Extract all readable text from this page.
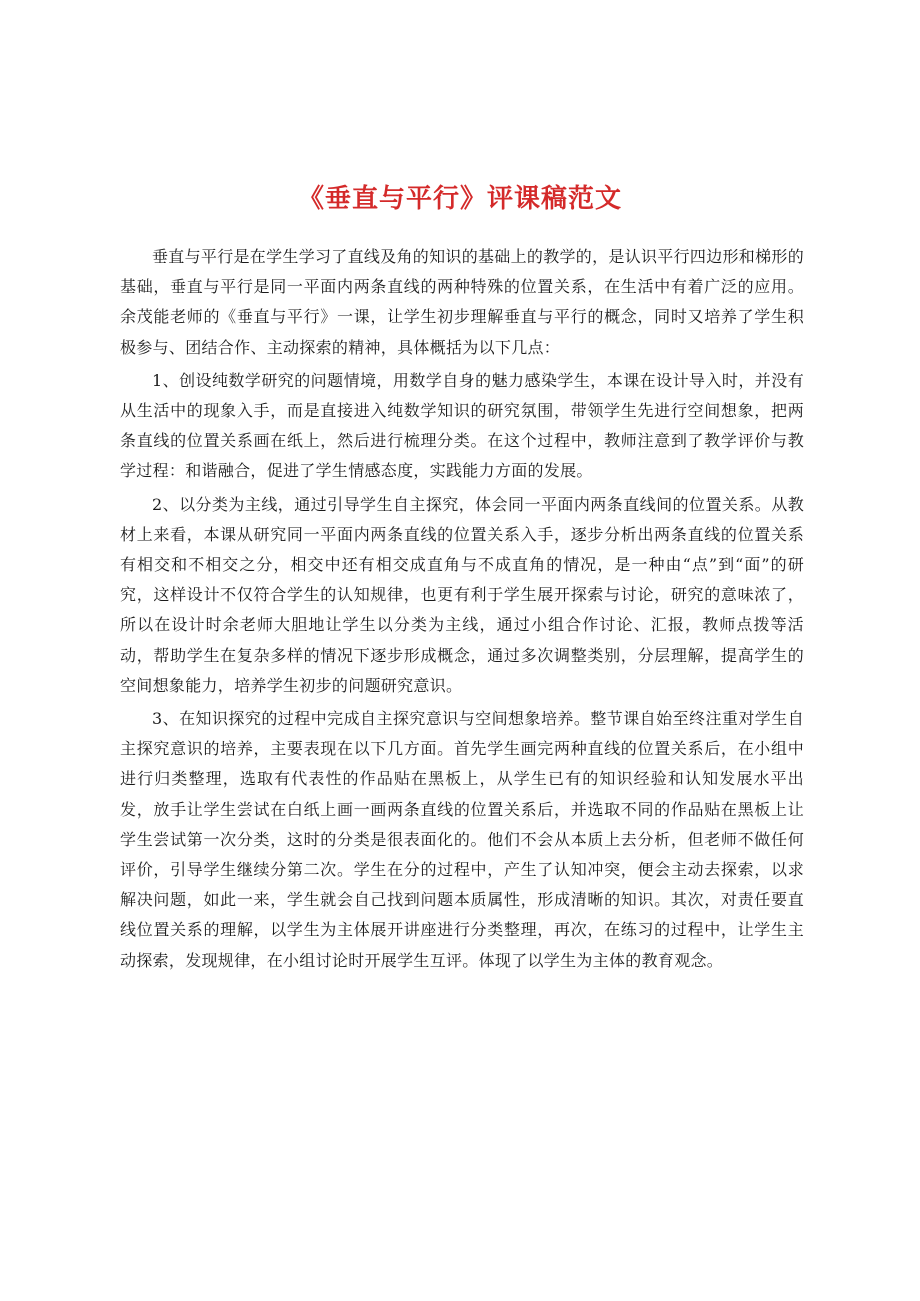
《垂直与平行》评课稿范文

垂直与平行是在学生学习了直线及角的知识的基础上的教学的，是认识平行四边形和梯形的基础，垂直与平行是同一平面内两条直线的两种特殊的位置关系，在生活中有着广泛的应用。余茂能老师的《垂直与平行》一课，让学生初步理解垂直与平行的概念，同时又培养了学生积极参与、团结合作、主动探索的精神，具体概括为以下几点：

1、创设纯数学研究的问题情境，用数学自身的魅力感染学生，本课在设计导入时，并没有从生活中的现象入手，而是直接进入纯数学知识的研究氛围，带领学生先进行空间想象，把两条直线的位置关系画在纸上，然后进行梳理分类。在这个过程中，教师注意到了教学评价与教学过程：和谐融合，促进了学生情感态度，实践能力方面的发展。

2、以分类为主线，通过引导学生自主探究，体会同一平面内两条直线间的位置关系。从教材上来看，本课从研究同一平面内两条直线的位置关系入手，逐步分析出两条直线的位置关系有相交和不相交之分，相交中还有相交成直角与不成直角的情况，是一种由“点”到“面”的研究，这样设计不仅符合学生的认知规律，也更有利于学生展开探索与讨论，研究的意味浓了，所以在设计时余老师大胆地让学生以分类为主线，通过小组合作讨论、汇报，教师点拨等活动，帮助学生在复杂多样的情况下逐步形成概念，通过多次调整类别，分层理解，提高学生的空间想象能力，培养学生初步的问题研究意识。

3、在知识探究的过程中完成自主探究意识与空间想象培养。整节课自始至终注重对学生自主探究意识的培养，主要表现在以下几方面。首先学生画完两种直线的位置关系后，在小组中进行归类整理，选取有代表性的作品贴在黑板上，从学生已有的知识经验和认知发展水平出发，放手让学生尝试在白纸上画一画两条直线的位置关系后，并选取不同的作品贴在黑板上让学生尝试第一次分类，这时的分类是很表面化的。他们不会从本质上去分析，但老师不做任何评价，引导学生继续分第二次。学生在分的过程中，产生了认知冲突，便会主动去探索，以求解决问题，如此一来，学生就会自己找到问题本质属性，形成清晰的知识。其次，对责任要直线位置关系的理解，以学生为主体展开讲座进行分类整理，再次，在练习的过程中，让学生主动探索，发现规律，在小组讨论时开展学生互评。体现了以学生为主体的教育观念。
